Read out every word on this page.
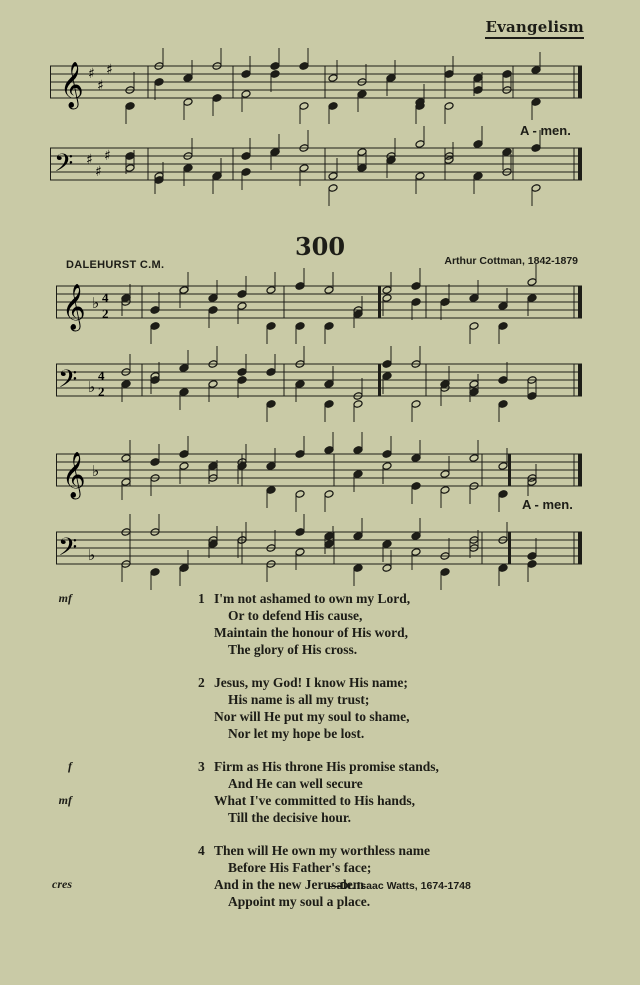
Evangelism
𝄞 ♯
♯
♯
A - men.
𝄢 ♯
♯
♯
300
DALEHURST C.M.	Arthur Cottman, 1842-1879
𝄞 ♭ 4
2
𝄢 ♭
4
2
𝄞 ♭
A - men.
𝄢 ♭
mf	1 I'm not ashamed to own my Lord,
Or to defend His cause,
Maintain the honour of His word,
The glory of His cross.
2 Jesus, my God! I know His name;
His name is all my trust;
Nor will He put my soul to shame,
Nor let my hope be lost.
f	3 Firm as His throne His promise stands,
And He can well secure
mf	What I've committed to His hands,
Till the decisive hour.
4 Then will He own my worthless name
Before His Father's face;
cres	And in the new Jerusalem
Appoint my soul a place.
—Dr. Isaac Watts, 1674-1748
